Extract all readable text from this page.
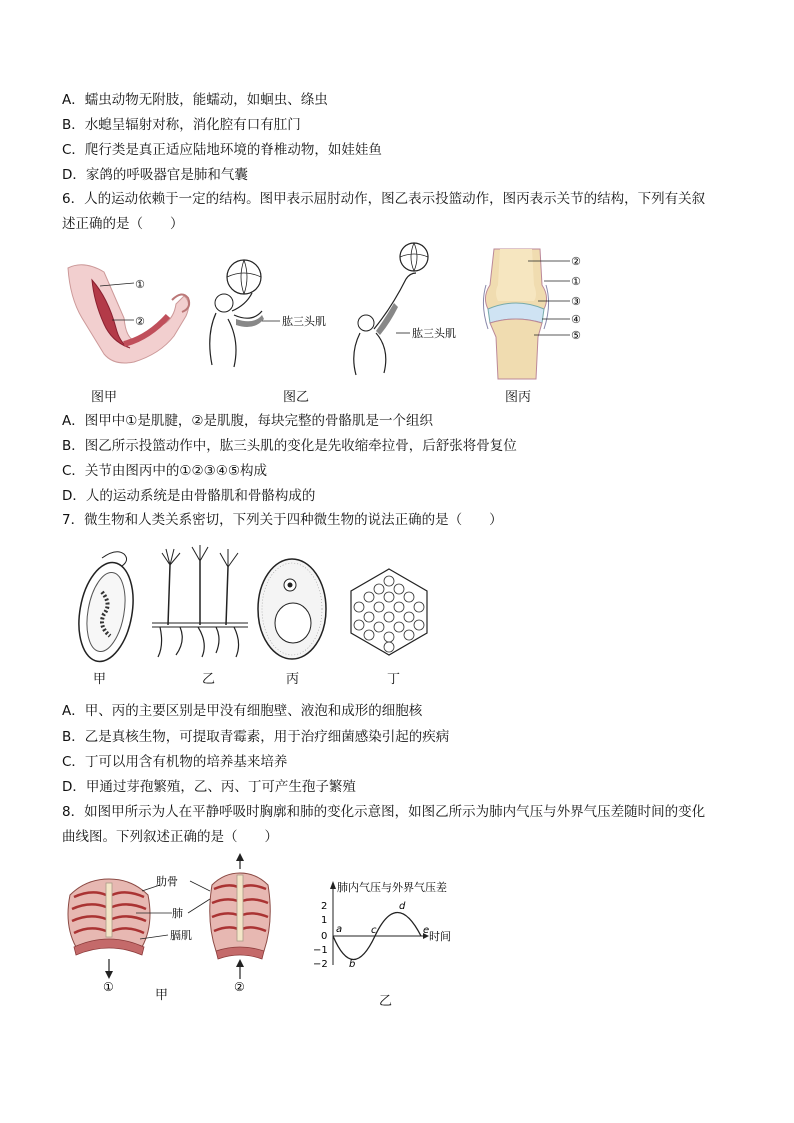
A．蠕虫动物无附肢，能蠕动，如蛔虫、绦虫
B．水螅呈辐射对称，消化腔有口有肛门
C．爬行类是真正适应陆地环境的脊椎动物，如娃娃鱼
D．家鸽的呼吸器官是肺和气囊
6．人的运动依赖于一定的结构。图甲表示屈肘动作，图乙表示投篮动作，图丙表示关节的结构，下列有关叙
述正确的是（　　）
①
②
图甲
肱三头肌
肱三头肌
图乙
②
①
③
④
⑤
图丙
A．图甲中①是肌腱，②是肌腹，每块完整的骨骼肌是一个组织
B．图乙所示投篮动作中，肱三头肌的变化是先收缩牵拉骨，后舒张将骨复位
C．关节由图丙中的①②③④⑤构成
D．人的运动系统是由骨骼肌和骨骼构成的
7．微生物和人类关系密切，下列关于四种微生物的说法正确的是（　　）
甲	乙	丙	丁
A．甲、丙的主要区别是甲没有细胞壁、液泡和成形的细胞核
B．乙是真核生物，可提取青霉素，用于治疗细菌感染引起的疾病
C．丁可以用含有机物的培养基来培养
D．甲通过芽孢繁殖，乙、丙、丁可产生孢子繁殖
8．如图甲所示为人在平静呼吸时胸廓和肺的变化示意图，如图乙所示为肺内气压与外界气压差随时间的变化
曲线图。下列叙述正确的是（　　）
①
肋骨
肺
膈肌
②
甲
肺内气压与外界气压差
时间
2
1
0
−1
−2
a
b
c
d
e
乙
